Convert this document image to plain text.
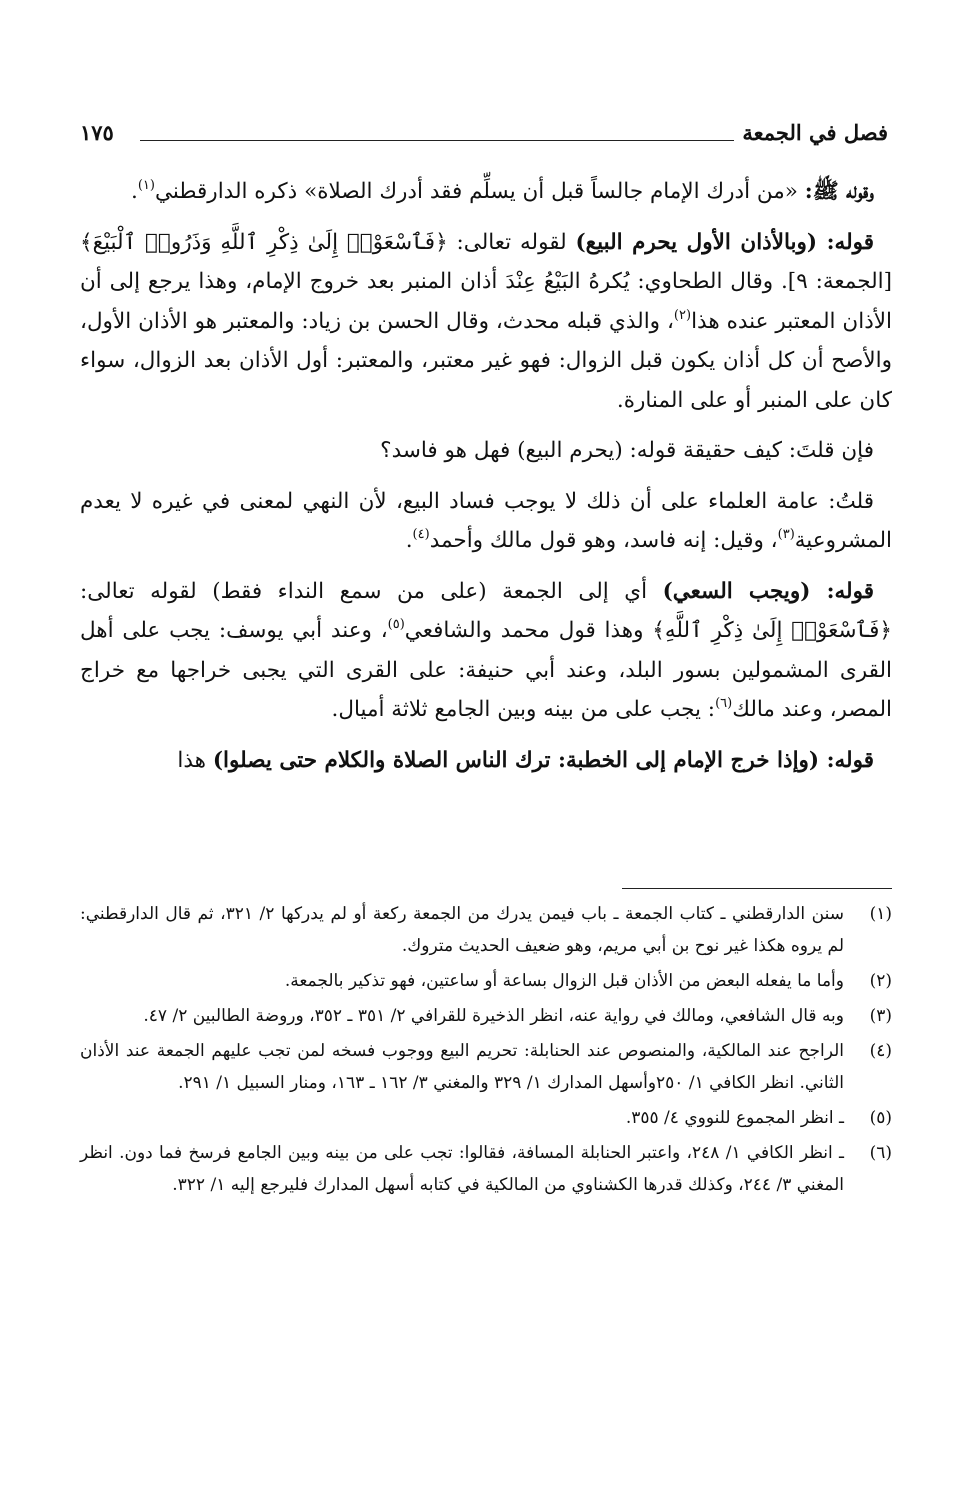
فصل في الجمعة
١٧٥

وقوله ﷺ: «من أدرك الإمام جالساً قبل أن يسلِّم فقد أدرك الصلاة» ذكره الدارقطني$^{(١)}$.

قوله: (وبالأذان الأول يحرم البيع) لقوله تعالى: ﴿فَٱسْعَوْا۟ إِلَىٰ ذِكْرِ ٱللَّهِ وَذَرُوا۟ ٱلْبَيْعَ﴾ [الجمعة: ٩]. وقال الطحاوي: يُكرهُ البَيْعُ عِنْدَ أذان المنبر بعد خروج الإمام، وهذا يرجع إلى أن الأذان المعتبر عنده هذا$^{(٢)}$، والذي قبله محدث، وقال الحسن بن زياد: والمعتبر هو الأذان الأول، والأصح أن كل أذان يكون قبل الزوال: فهو غير معتبر، والمعتبر: أول الأذان بعد الزوال، سواء كان على المنبر أو على المنارة.

فإن قلتَ: كيف حقيقة قوله: (يحرم البيع) فهل هو فاسد؟

قلتُ: عامة العلماء على أن ذلك لا يوجب فساد البيع، لأن النهي لمعنى في غيره لا يعدم المشروعية$^{(٣)}$، وقيل: إنه فاسد، وهو قول مالك وأحمد$^{(٤)}$.

قوله: (ويجب السعي) أي إلى الجمعة (على من سمع النداء فقط) لقوله تعالى: ﴿فَٱسْعَوْا۟ إِلَىٰ ذِكْرِ ٱللَّهِ﴾ وهذا قول محمد والشافعي$^{(٥)}$، وعند أبي يوسف: يجب على أهل القرى المشمولين بسور البلد، وعند أبي حنيفة: على القرى التي يجبى خراجها مع خراج المصر، وعند مالك$^{(٦)}$: يجب على من بينه وبين الجامع ثلاثة أميال.

قوله: (وإذا خرج الإمام إلى الخطبة: ترك الناس الصلاة والكلام حتى يصلوا) هذا

(١)
سنن الدارقطني ـ كتاب الجمعة ـ باب فيمن يدرك من الجمعة ركعة أو لم يدركها ٢/ ٣٢١، ثم قال الدارقطني: لم يروه هكذا غير نوح بن أبي مريم، وهو ضعيف الحديث متروك.
(٢)
وأما ما يفعله البعض من الأذان قبل الزوال بساعة أو ساعتين، فهو تذكير بالجمعة.
(٣)
وبه قال الشافعي، ومالك في رواية عنه، انظر الذخيرة للقرافي ٢/ ٣٥١ ـ ٣٥٢، وروضة الطالبين ٢/ ٤٧.
(٤)
الراجح عند المالكية، والمنصوص عند الحنابلة: تحريم البيع ووجوب فسخه لمن تجب عليهم الجمعة عند الأذان الثاني. انظر الكافي ١/ ٢٥٠وأسهل المدارك ١/ ٣٢٩ والمغني ٣/ ١٦٢ ـ ١٦٣، ومنار السبيل ١/ ٢٩١.
(٥)
ـ انظر المجموع للنووي ٤/ ٣٥٥.
(٦)
ـ انظر الكافي ١/ ٢٤٨، واعتبر الحنابلة المسافة، فقالوا: تجب على من بينه وبين الجامع فرسخ فما دون. انظر المغني ٣/ ٢٤٤، وكذلك قدرها الكشناوي من المالكية في كتابه أسهل المدارك فليرجع إليه ١/ ٣٢٢.
